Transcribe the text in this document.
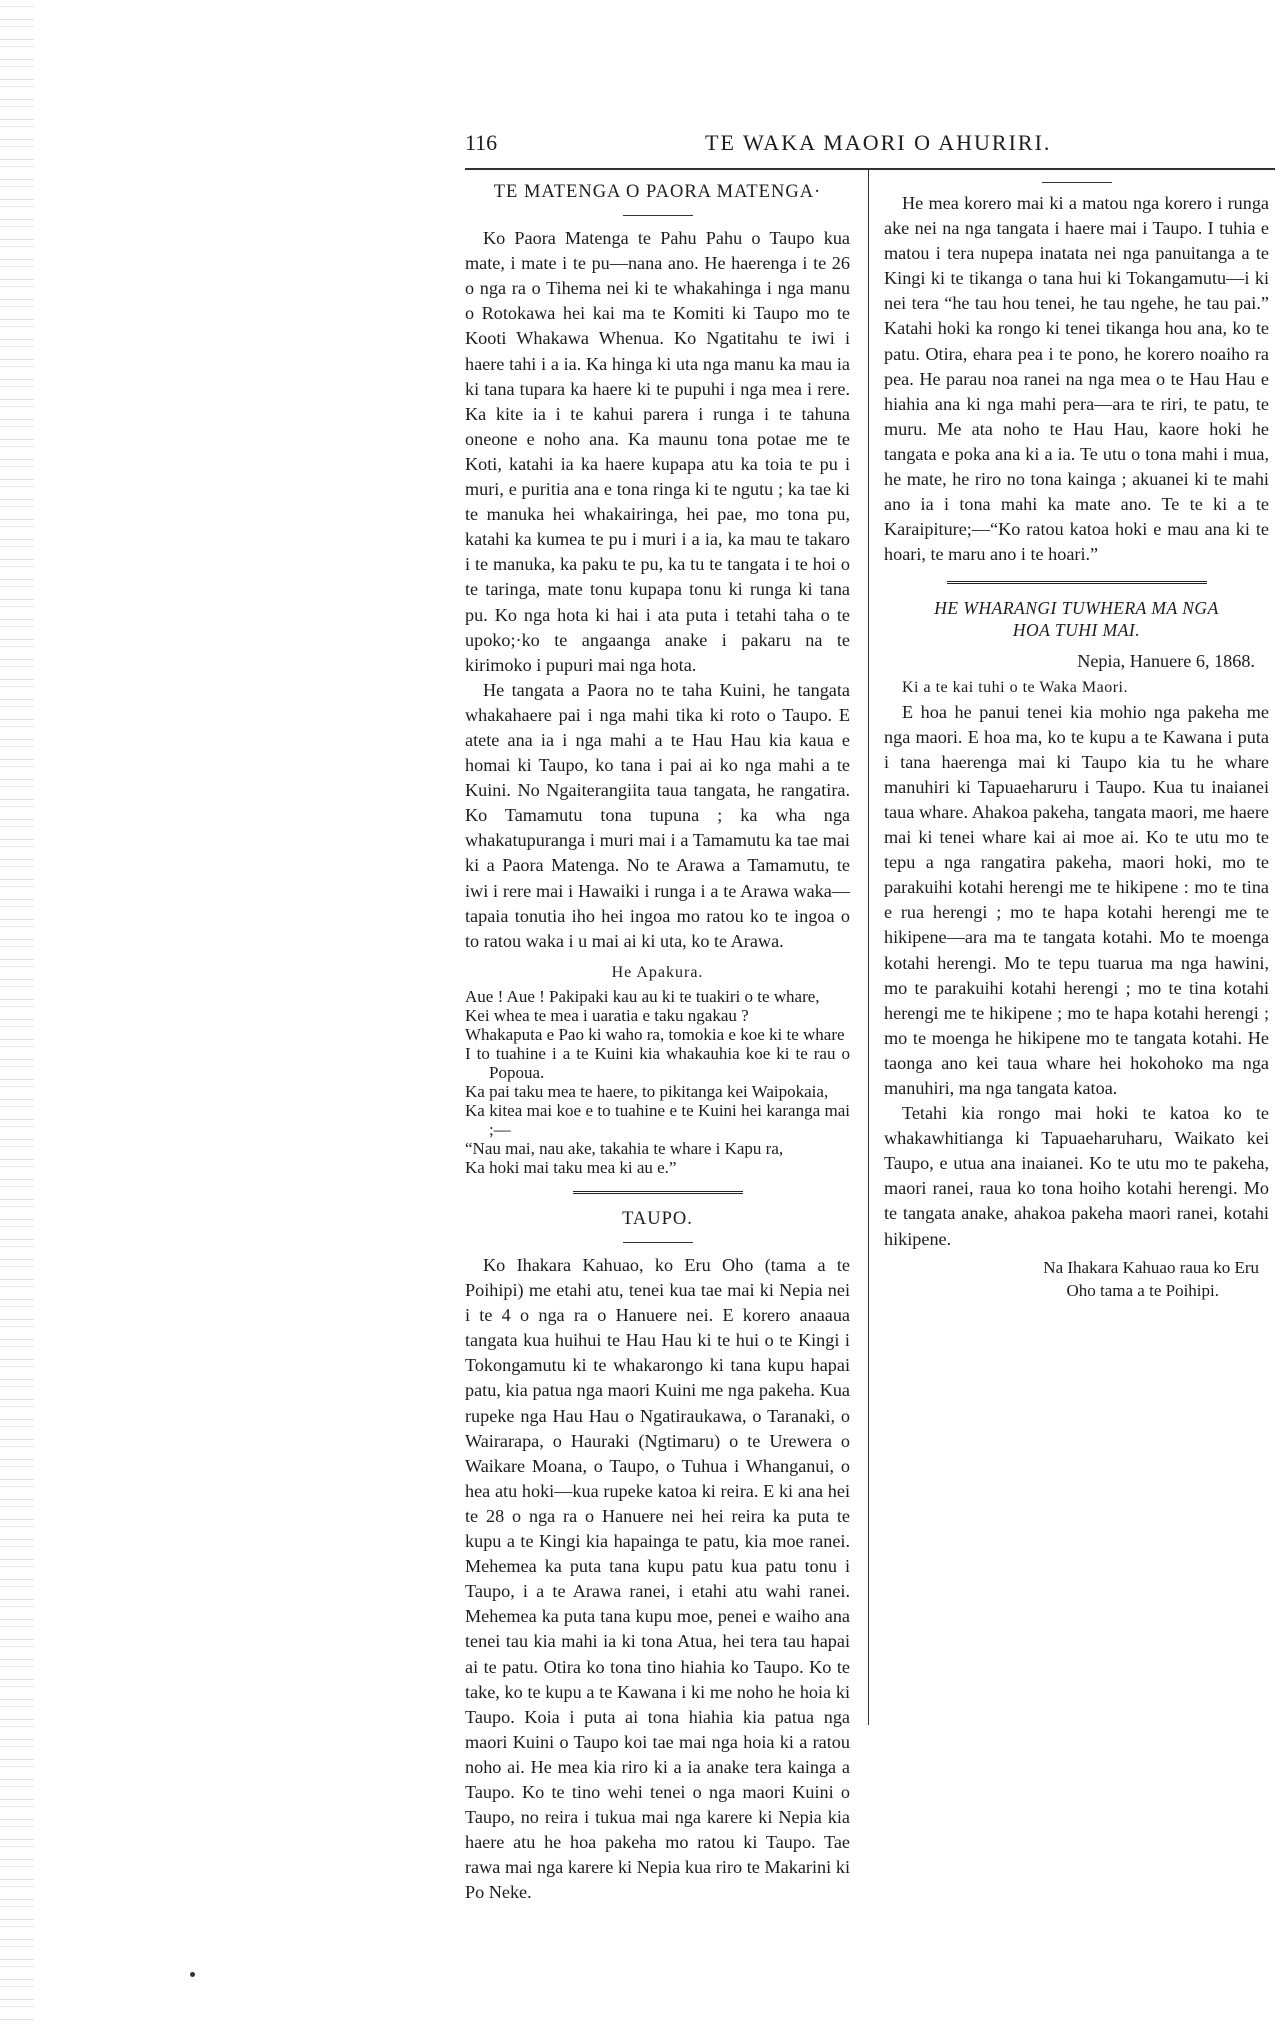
116	TE WAKA MAORI O AHURIRI.
TE MATENGA O PAORA MATENGA·

Ko Paora Matenga te Pahu Pahu o Taupo kua mate, i mate i te pu—nana ano. He haerenga i te 26 o nga ra o Tihema nei ki te whakahinga i nga manu o Rotokawa hei kai ma te Komiti ki Taupo mo te Kooti Whakawa Whenua. Ko Ngatitahu te iwi i haere tahi i a ia. Ka hinga ki uta nga manu ka mau ia ki tana tupara ka haere ki te pupuhi i nga mea i rere. Ka kite ia i te kahui parera i runga i te tahuna oneone e noho ana. Ka maunu tona potae me te Koti, katahi ia ka haere kupapa atu ka toia te pu i muri, e puritia ana e tona ringa ki te ngutu ; ka tae ki te manuka hei whakairinga, hei pae, mo tona pu, katahi ka kumea te pu i muri i a ia, ka mau te takaro i te manuka, ka paku te pu, ka tu te tangata i te hoi o te taringa, mate tonu kupapa tonu ki runga ki tana pu. Ko nga hota ki hai i ata puta i tetahi taha o te upoko;·ko te angaanga anake i pakaru na te kirimoko i pupuri mai nga hota.

He tangata a Paora no te taha Kuini, he tangata whakahaere pai i nga mahi tika ki roto o Taupo. E atete ana ia i nga mahi a te Hau Hau kia kaua e homai ki Taupo, ko tana i pai ai ko nga mahi a te Kuini. No Ngaiterangiita taua tangata, he rangatira. Ko Tamamutu tona tupuna ; ka wha nga whakatupuranga i muri mai i a Tamamutu ka tae mai ki a Paora Matenga. No te Arawa a Tamamutu, te iwi i rere mai i Hawaiki i runga i a te Arawa waka—tapaia tonutia iho hei ingoa mo ratou ko te ingoa o to ratou waka i u mai ai ki uta, ko te Arawa.

He Apakura.
Aue ! Aue ! Pakipaki kau au ki te tuakiri o te whare,
Kei whea te mea i uaratia e taku ngakau ?
Whakaputa e Pao ki waho ra, tomokia e koe ki te whare
I to tuahine i a te Kuini kia whakauhia koe ki te rau o Popoua.
Ka pai taku mea te haere, to pikitanga kei Waipokaia,
Ka kitea mai koe e to tuahine e te Kuini hei karanga mai ;—
“Nau mai, nau ake, takahia te whare i Kapu ra,
Ka hoki mai taku mea ki au e.”
TAUPO.

Ko Ihakara Kahuao, ko Eru Oho (tama a te Poihipi) me etahi atu, tenei kua tae mai ki Nepia nei i te 4 o nga ra o Hanuere nei. E korero anaaua tangata kua huihui te Hau Hau ki te hui o te Kingi i Tokongamutu ki te whakarongo ki tana kupu hapai patu, kia patua nga maori Kuini me nga pakeha. Kua rupeke nga Hau Hau o Ngatiraukawa, o Taranaki, o Wairarapa, o Hauraki (Ngtimaru) o te Urewera o Waikare Moana, o Taupo, o Tuhua i Whanganui, o hea atu hoki—kua rupeke katoa ki reira. E ki ana hei te 28 o nga ra o Hanuere nei hei reira ka puta te kupu a te Kingi kia hapainga te patu, kia moe ranei. Mehemea ka puta tana kupu patu kua patu tonu i Taupo, i a te Arawa ranei, i etahi atu wahi ranei. Mehemea ka puta tana kupu moe, penei e waiho ana tenei tau kia mahi ia ki tona Atua, hei tera tau hapai ai te patu. Otira ko tona tino hiahia ko Taupo. Ko te take, ko te kupu a te Kawana i ki me noho he hoia ki Taupo. Koia i puta ai tona hiahia kia patua nga maori Kuini o Taupo koi tae mai nga hoia ki a ratou noho ai. He mea kia riro ki a ia anake tera kainga a Taupo. Ko te tino wehi tenei o nga maori Kuini o Taupo, no reira i tukua mai nga karere ki Nepia kia haere atu he hoa pakeha mo ratou ki Taupo. Tae rawa mai nga karere ki Nepia kua riro te Makarini ki Po Neke.

He mea korero mai ki a matou nga korero i runga ake nei na nga tangata i haere mai i Taupo. I tuhia e matou i tera nupepa inatata nei nga panuitanga a te Kingi ki te tikanga o tana hui ki Tokangamutu—i ki nei tera “he tau hou tenei, he tau ngehe, he tau pai.” Katahi hoki ka rongo ki tenei tikanga hou ana, ko te patu. Otira, ehara pea i te pono, he korero noaiho ra pea. He parau noa ranei na nga mea o te Hau Hau e hiahia ana ki nga mahi pera—ara te riri, te patu, te muru. Me ata noho te Hau Hau, kaore hoki he tangata e poka ana ki a ia. Te utu o tona mahi i mua, he mate, he riro no tona kainga ; akuanei ki te mahi ano ia i tona mahi ka mate ano. Te te ki a te Karaipiture;—“Ko ratou katoa hoki e mau ana ki te hoari, te maru ano i te hoari.”

HE WHARANGI TUWHERA MA NGA
HOA TUHI MAI.

Nepia, Hanuere 6, 1868.

Ki a te kai tuhi o te Waka Maori.

E hoa he panui tenei kia mohio nga pakeha me nga maori. E hoa ma, ko te kupu a te Kawana i puta i tana haerenga mai ki Taupo kia tu he whare manuhiri ki Tapuaeharuru i Taupo. Kua tu inaianei taua whare. Ahakoa pakeha, tangata maori, me haere mai ki tenei whare kai ai moe ai. Ko te utu mo te tepu a nga rangatira pakeha, maori hoki, mo te parakuihi kotahi herengi me te hikipene : mo te tina e rua herengi ; mo te hapa kotahi herengi me te hikipene—ara ma te tangata kotahi. Mo te moenga kotahi herengi. Mo te tepu tuarua ma nga hawini, mo te parakuihi kotahi herengi ; mo te tina kotahi herengi me te hikipene ; mo te hapa kotahi herengi ; mo te moenga he hikipene mo te tangata kotahi. He taonga ano kei taua whare hei hokohoko ma nga manuhiri, ma nga tangata katoa.

Tetahi kia rongo mai hoki te katoa ko te whakawhitianga ki Tapuaeharuharu, Waikato kei Taupo, e utua ana inaianei. Ko te utu mo te pakeha, maori ranei, raua ko tona hoiho kotahi herengi. Mo te tangata anake, ahakoa pakeha maori ranei, kotahi hikipene.

Na Ihakara Kahuao raua ko Eru
Oho tama a te Poihipi.
